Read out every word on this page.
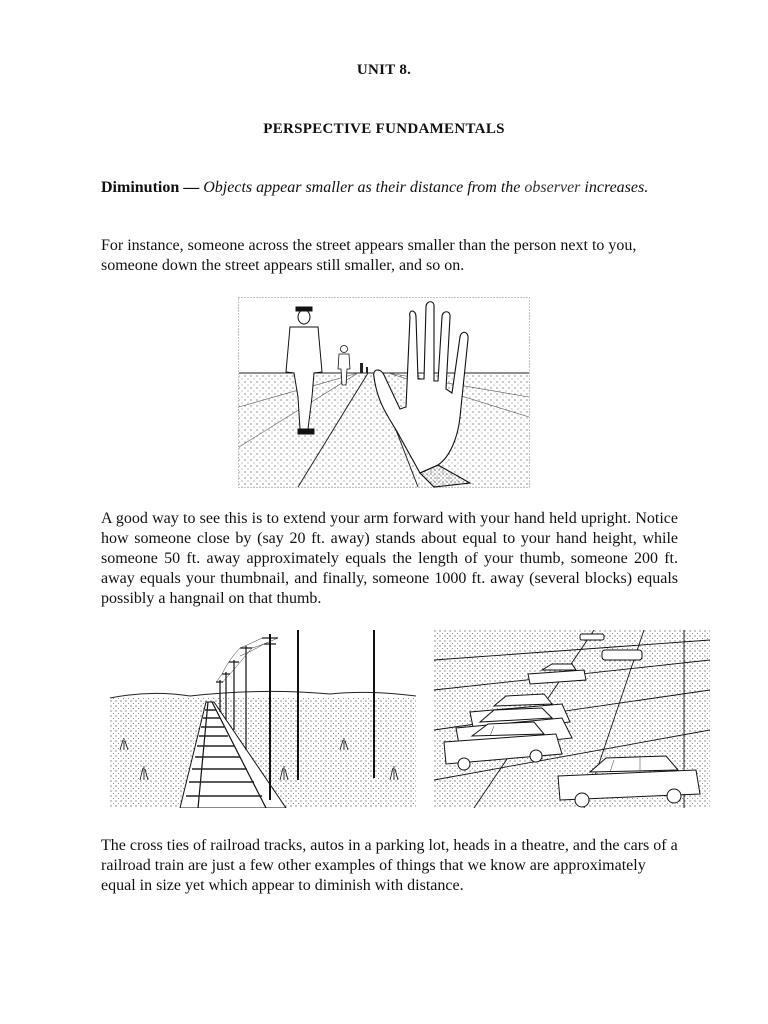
UNIT 8.
PERSPECTIVE FUNDAMENTALS

Diminution — Objects appear smaller as their distance from the observer increases.

For instance, someone across the street appears smaller than the person next to you, someone down the street appears still smaller, and so on.

A good way to see this is to extend your arm forward with your hand held upright. Notice how someone close by (say 20 ft. away) stands about equal to your hand height, while someone 50 ft. away approximately equals the length of your thumb, someone 200 ft. away equals your thumbnail, and finally, someone 1000 ft. away (several blocks) equals possibly a hangnail on that thumb.

The cross ties of railroad tracks, autos in a parking lot, heads in a theatre, and the cars of a railroad train are just a few other examples of things that we know are approximately equal in size yet which appear to diminish with distance.
